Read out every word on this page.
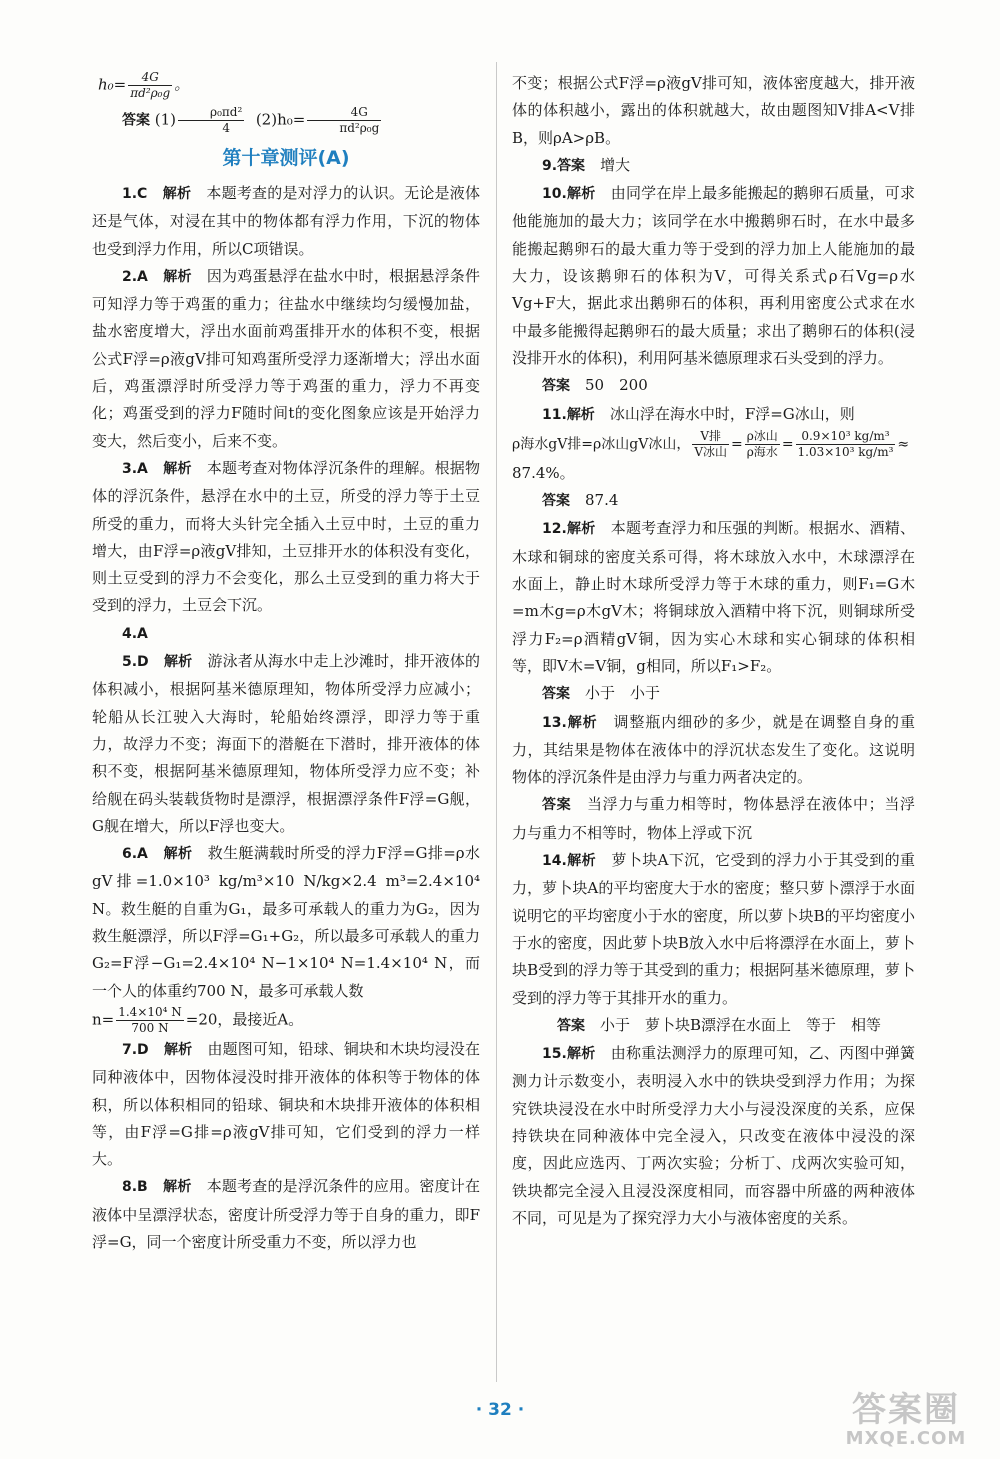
$h_0= \frac{4G}{\text{πd²ρ₀g}}$ 。

答案 $(1) \frac{\text{ρ₀πd²}}{4} (2)h_0= \frac{4G}{\text{πd²ρ₀g}}$

第十章测评(A)

1.C　 解析　 本题考查的是对浮力的认识。无论是液体还是气体，对浸在其中的物体都有浮力作用，下沉的物体也受到浮力作用，所以C项错误。

2.A　 解析　 因为鸡蛋悬浮在盐水中时，根据悬浮条件可知浮力等于鸡蛋的重力；往盐水中继续均匀缓慢加盐，盐水密度增大，浮出水面前鸡蛋排开水的体积不变，根据公式F浮=ρ液gV排可知鸡蛋所受浮力逐渐增大；浮出水面后，鸡蛋漂浮时所受浮力等于鸡蛋的重力，浮力不再变化；鸡蛋受到的浮力F随时间t的变化图象应该是开始浮力变大，然后变小，后来不变。

3.A　 解析　 本题考查对物体浮沉条件的理解。根据物体的浮沉条件，悬浮在水中的土豆，所受的浮力等于土豆所受的重力，而将大头针完全插入土豆中时，土豆的重力增大，由F浮=ρ液gV排知，土豆排开水的体积没有变化，则土豆受到的浮力不会变化，那么土豆受到的重力将大于受到的浮力，土豆会下沉。

4.A

5.D　 解析　 游泳者从海水中走上沙滩时，排开液体的体积减小，根据阿基米德原理知，物体所受浮力应减小；轮船从长江驶入大海时，轮船始终漂浮，即浮力等于重力，故浮力不变；海面下的潜艇在下潜时，排开液体的体积不变，根据阿基米德原理知，物体所受浮力应不变；补给舰在码头装载货物时是漂浮，根据漂浮条件F浮=G舰，G舰在增大，所以F浮也变大。

6.A　 解析　 救生艇满载时所受的浮力F浮=G排=ρ水gV排=1.0×10³ kg/m³×10 N/kg×2.4 m³=2.4×10⁴ N。救生艇的自重为G₁，最多可承载人的重力为G₂，因为救生艇漂浮，所以F浮=G₁+G₂，所以最多可承载人的重力G₂=F浮−G₁=2.4×10⁴ N−1×10⁴ N=1.4×10⁴ N，而一个人的体重约700 N，最多可承载人数

$n= \frac{\text{1.4×10⁴ N}}{700 N} =20$，最接近A。

7.D　 解析　 由题图可知，铅球、铜块和木块均浸没在同种液体中，因物体浸没时排开液体的体积等于物体的体积，所以体积相同的铅球、铜块和木块排开液体的体积相等，由F浮=G排=ρ液gV排可知，它们受到的浮力一样大。

8.B　 解析　 本题考查的是浮沉条件的应用。密度计在液体中呈漂浮状态，密度计所受浮力等于自身的重力，即F浮=G，同一个密度计所受重力不变，所以浮力也

不变；根据公式F浮=ρ液gV排可知，液体密度越大，排开液体的体积越小，露出的体积就越大，故由题图知V排A<V排B，则ρA>ρB。

9.答案　 增大

10.解析　 由同学在岸上最多能搬起的鹅卵石质量，可求他能施加的最大力；该同学在水中搬鹅卵石时，在水中最多能搬起鹅卵石的最大重力等于受到的浮力加上人能施加的最大力，设该鹅卵石的体积为V，可得关系式ρ石Vg=ρ水Vg+F大，据此求出鹅卵石的体积，再利用密度公式求在水中最多能搬得起鹅卵石的最大质量；求出了鹅卵石的体积(浸没排开水的体积)，利用阿基米德原理求石头受到的浮力。

答案　 50　200

11.解析　 冰山浮在海水中时，F浮=G冰山，则

ρ海水gV排=ρ冰山gV冰山， $\frac{\text{V排}}{\text{V冰山}} = \frac{\text{ρ冰山}}{\text{ρ海水}} = \frac{\text{0.9×10³ kg/m³}}{\text{1.03×10³ kg/m³}}$ ≈

87.4%。

答案　 87.4

12.解析　 本题考查浮力和压强的判断。根据水、酒精、木球和铜球的密度关系可得，将木球放入水中，木球漂浮在水面上，静止时木球所受浮力等于木球的重力，则F₁=G木=m木g=ρ木gV木；将铜球放入酒精中将下沉，则铜球所受浮力F₂=ρ酒精gV铜，因为实心木球和实心铜球的体积相等，即V木=V铜，g相同，所以F₁>F₂。

答案　 小于　小于

13.解析　 调整瓶内细砂的多少，就是在调整自身的重力，其结果是物体在液体中的浮沉状态发生了变化。这说明物体的浮沉条件是由浮力与重力两者决定的。

答案　 当浮力与重力相等时，物体悬浮在液体中；当浮力与重力不相等时，物体上浮或下沉

14.解析　 萝卜块A下沉，它受到的浮力小于其受到的重力，萝卜块A的平均密度大于水的密度；整只萝卜漂浮于水面说明它的平均密度小于水的密度，所以萝卜块B的平均密度小于水的密度，因此萝卜块B放入水中后将漂浮在水面上，萝卜块B受到的浮力等于其受到的重力；根据阿基米德原理，萝卜受到的浮力等于其排开水的重力。

答案　 小于　萝卜块B漂浮在水面上　等于　相等

15.解析　 由称重法测浮力的原理可知，乙、丙图中弹簧测力计示数变小，表明浸入水中的铁块受到浮力作用；为探究铁块浸没在水中时所受浮力大小与浸没深度的关系，应保持铁块在同种液体中完全浸入，只改变在液体中浸没的深度，因此应选丙、丁两次实验；分析丁、戊两次实验可知，铁块都完全浸入且浸没深度相同，而容器中所盛的两种液体不同，可见是为了探究浮力大小与液体密度的关系。

· 32 ·	答案圈
MXQE.COM
